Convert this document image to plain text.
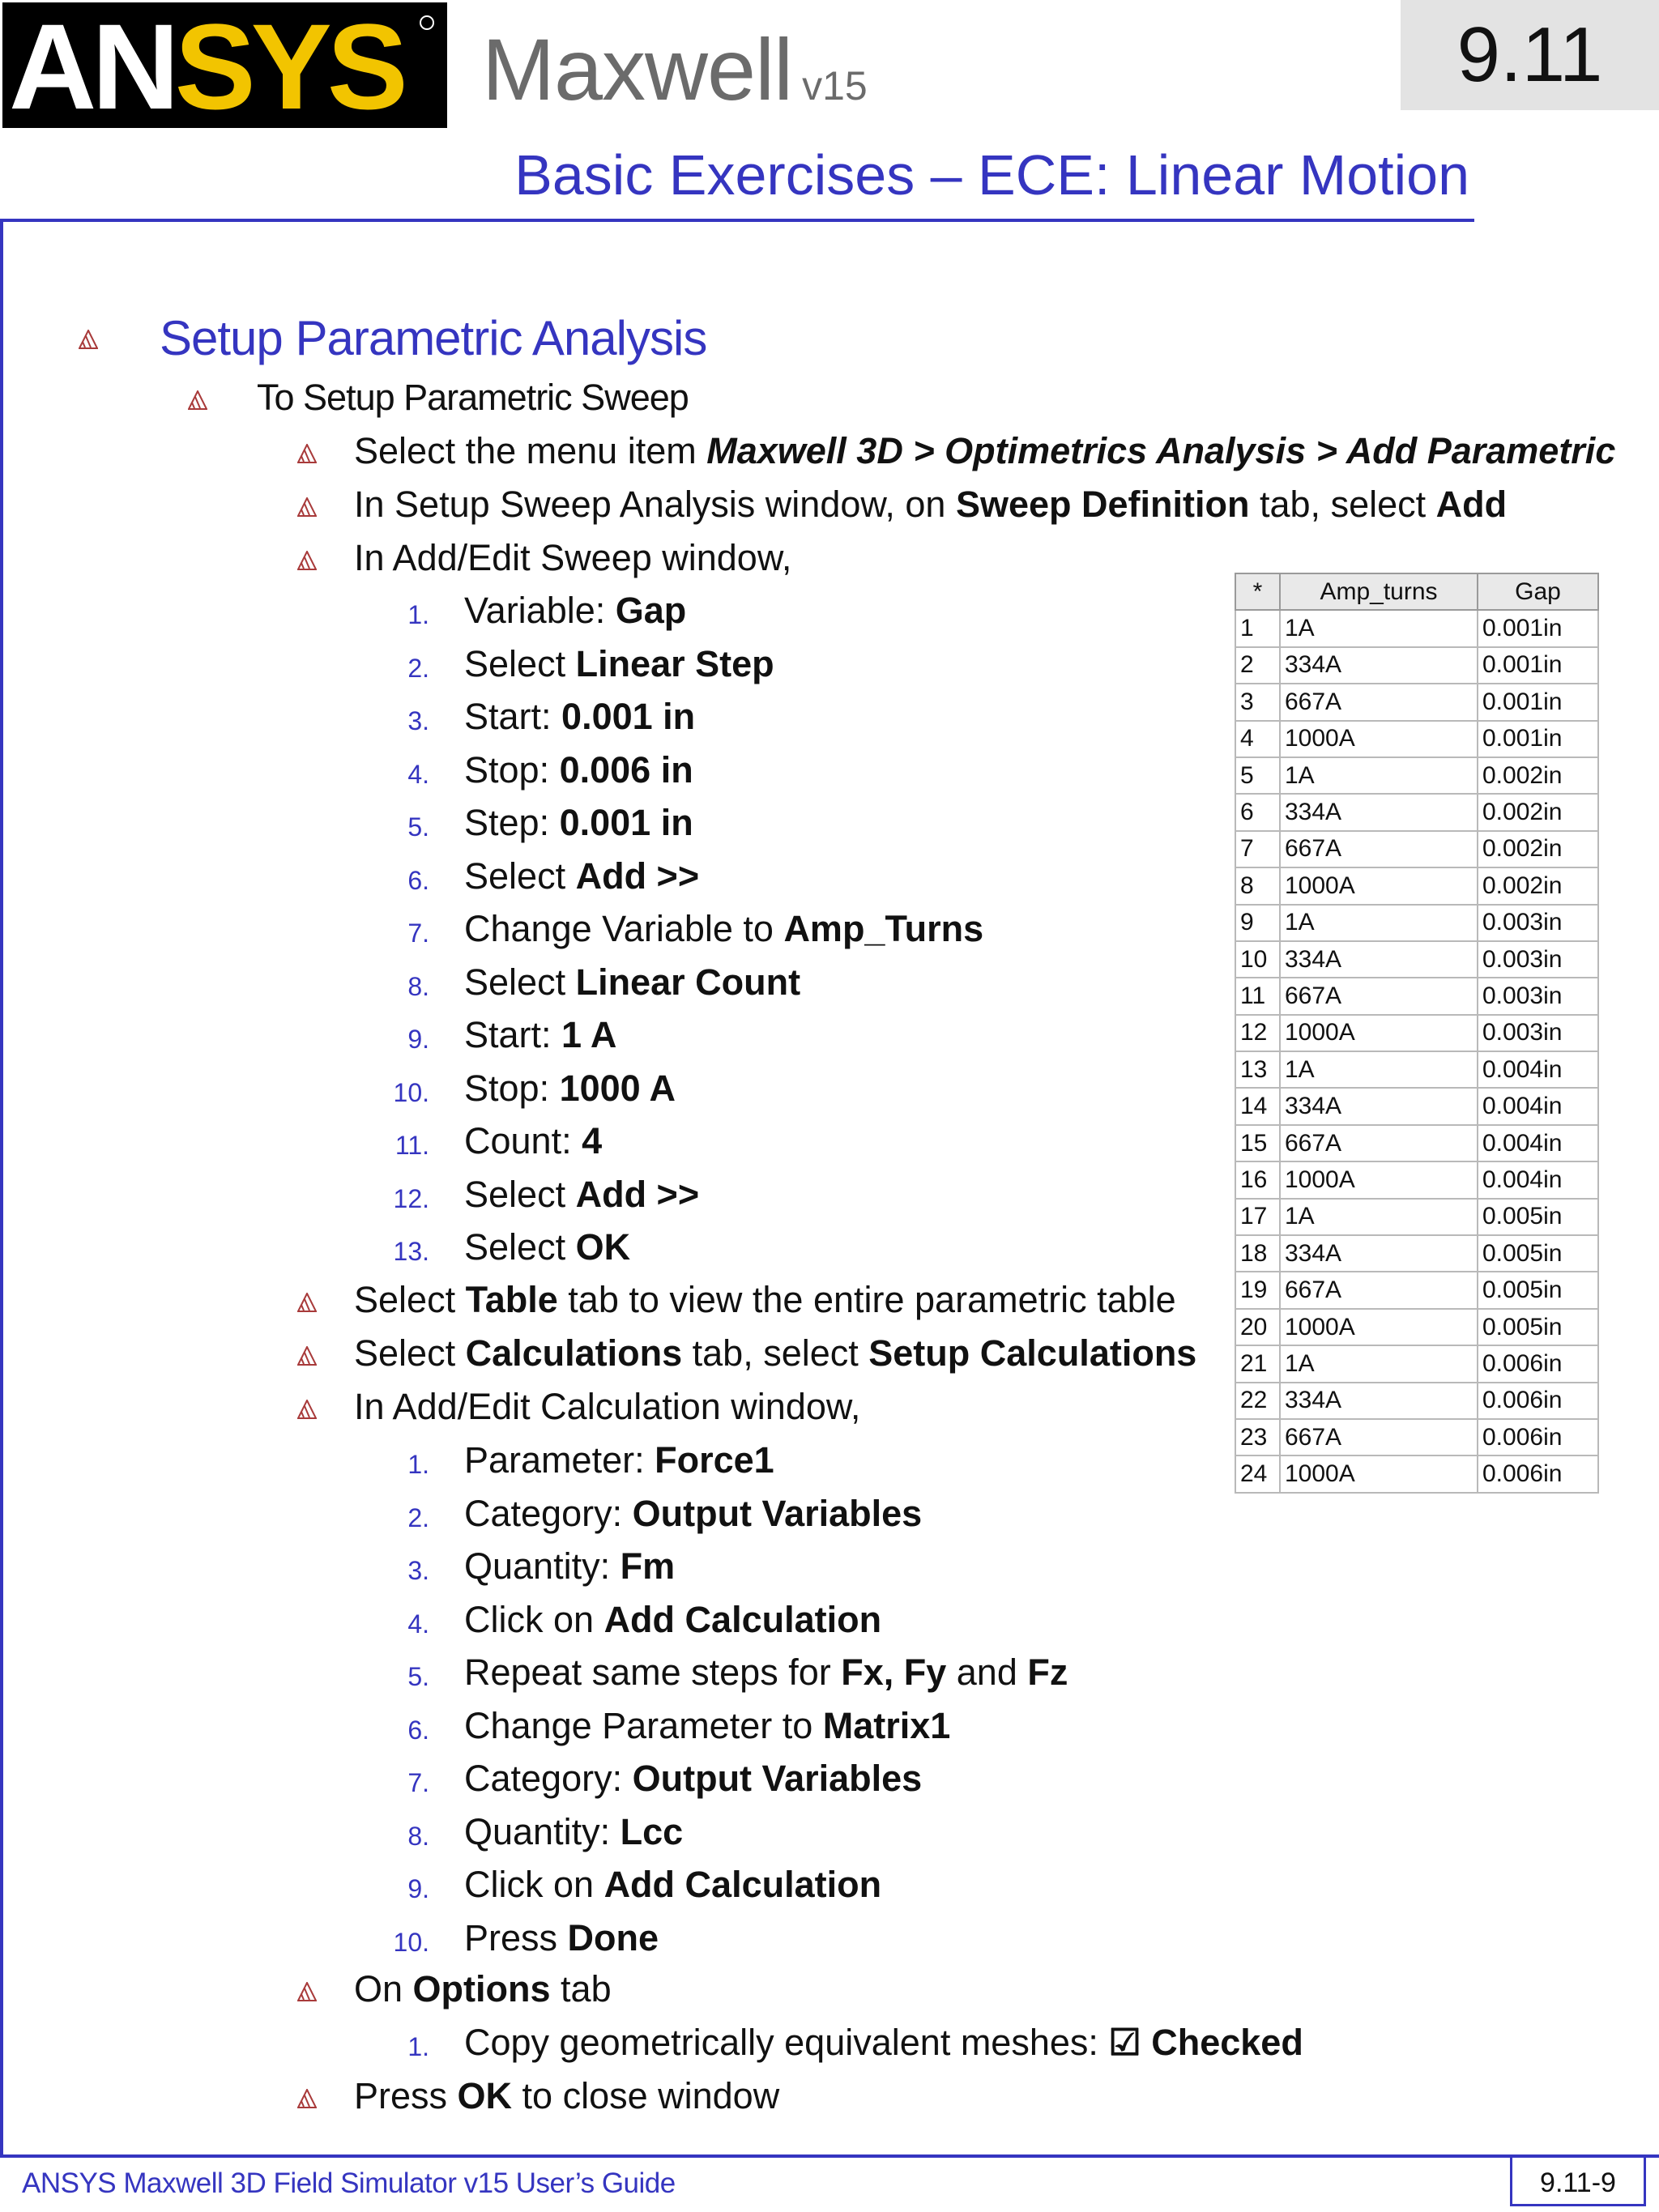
ANSYS Maxwell v15	9.11
Basic Exercises – ECE: Linear Motion
Setup Parametric Analysis
To Setup Parametric Sweep
Select the menu item Maxwell 3D > Optimetrics Analysis > Add Parametric
In Setup Sweep Analysis window, on Sweep Definition tab, select Add
In Add/Edit Sweep window,
1. Variable: Gap
2. Select Linear Step
3. Start: 0.001 in
4. Stop: 0.006 in
5. Step: 0.001 in
6. Select Add >>
7. Change Variable to Amp_Turns
8. Select Linear Count
9. Start: 1 A
10. Stop: 1000 A
11. Count: 4
12. Select Add >>
13. Select OK
Select Table tab to view the entire parametric table
Select Calculations tab, select Setup Calculations
In Add/Edit Calculation window,
1. Parameter: Force1
2. Category: Output Variables
3. Quantity: Fm
4. Click on Add Calculation
5. Repeat same steps for Fx, Fy and Fz
6. Change Parameter to Matrix1
7. Category: Output Variables
8. Quantity: Lcc
9. Click on Add Calculation
10. Press Done
On Options tab
1. Copy geometrically equivalent meshes: ☑ Checked
Press OK to close window
*	Amp_turns	Gap
1	1A	0.001in
2	334A	0.001in
3	667A	0.001in
4	1000A	0.001in
5	1A	0.002in
6	334A	0.002in
7	667A	0.002in
8	1000A	0.002in
9	1A	0.003in
10	334A	0.003in
11	667A	0.003in
12	1000A	0.003in
13	1A	0.004in
14	334A	0.004in
15	667A	0.004in
16	1000A	0.004in
17	1A	0.005in
18	334A	0.005in
19	667A	0.005in
20	1000A	0.005in
21	1A	0.006in
22	334A	0.006in
23	667A	0.006in
24	1000A	0.006in
ANSYS Maxwell 3D Field Simulator v15 User’s Guide	9.11-9
